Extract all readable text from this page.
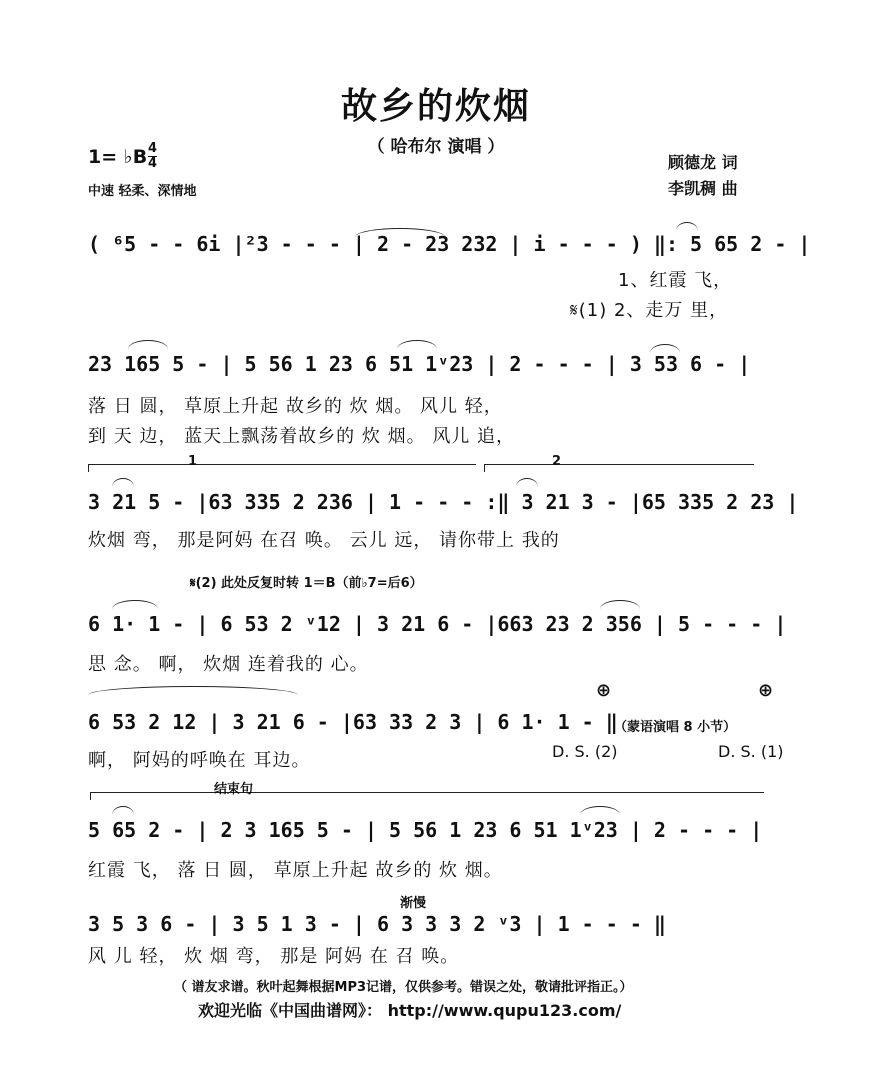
故乡的炊烟
（ 哈布尔 演唱 ）
1= ♭B $\frac{4}{4}$
中速 轻柔、深情地
顾德龙 词
李凯稠 曲
( ⁶5 - - 6i |²3 - - - | 2 - 23 232 | i - - - ) ‖: 5 65 2 - |
1、红霞 飞，
𝄋(1) 2、走万 里，
23 165 5 - | 5 56 1 23 6 51 1ᵛ23 | 2 - - - | 3 53 6 - |
落 日 圆， 草原上升起 故乡的 炊 烟。 风儿 轻，
到 天 边， 蓝天上飘荡着故乡的 炊 烟。 风儿 追，
1	2
3 21 5 - |63 335 2 236 | 1 - - - :‖ 3 21 3 - |65 335 2 23 |
炊烟 弯， 那是阿妈 在召 唤。 云儿 远， 请你带上 我的
𝄋(2) 此处反复时转 1＝B（前♭7=后6）
6 1· 1 - | 6 53 2 ᵛ12 | 3 21 6 - |663 23 2 356 | 5 - - - |
思 念。 啊， 炊烟 连着我的 心。
6 53 2 12 | 3 21 6 - |63 33 2 3 | 6 1· 1 - ‖
（蒙语演唱 8 小节）
⊕	⊕
啊， 阿妈的呼唤在 耳边。	D. S. (2)	D. S. (1)
结束句
5 65 2 - | 2 3 165 5 - | 5 56 1 23 6 51 1ᵛ23 | 2 - - - |
红霞 飞， 落 日 圆， 草原上升起 故乡的 炊 烟。
渐慢
3 5 3 6 - | 3 5 1 3 - | 6 3 3 3 2 ᵛ3 | 1 - - - ‖
风 儿 轻， 炊 烟 弯， 那是 阿妈 在 召 唤。
（ 谱友求谱。秋叶起舞根据MP3记谱，仅供参考。错误之处，敬请批评指正。）
欢迎光临《中国曲谱网》： http://www.qupu123.com/
